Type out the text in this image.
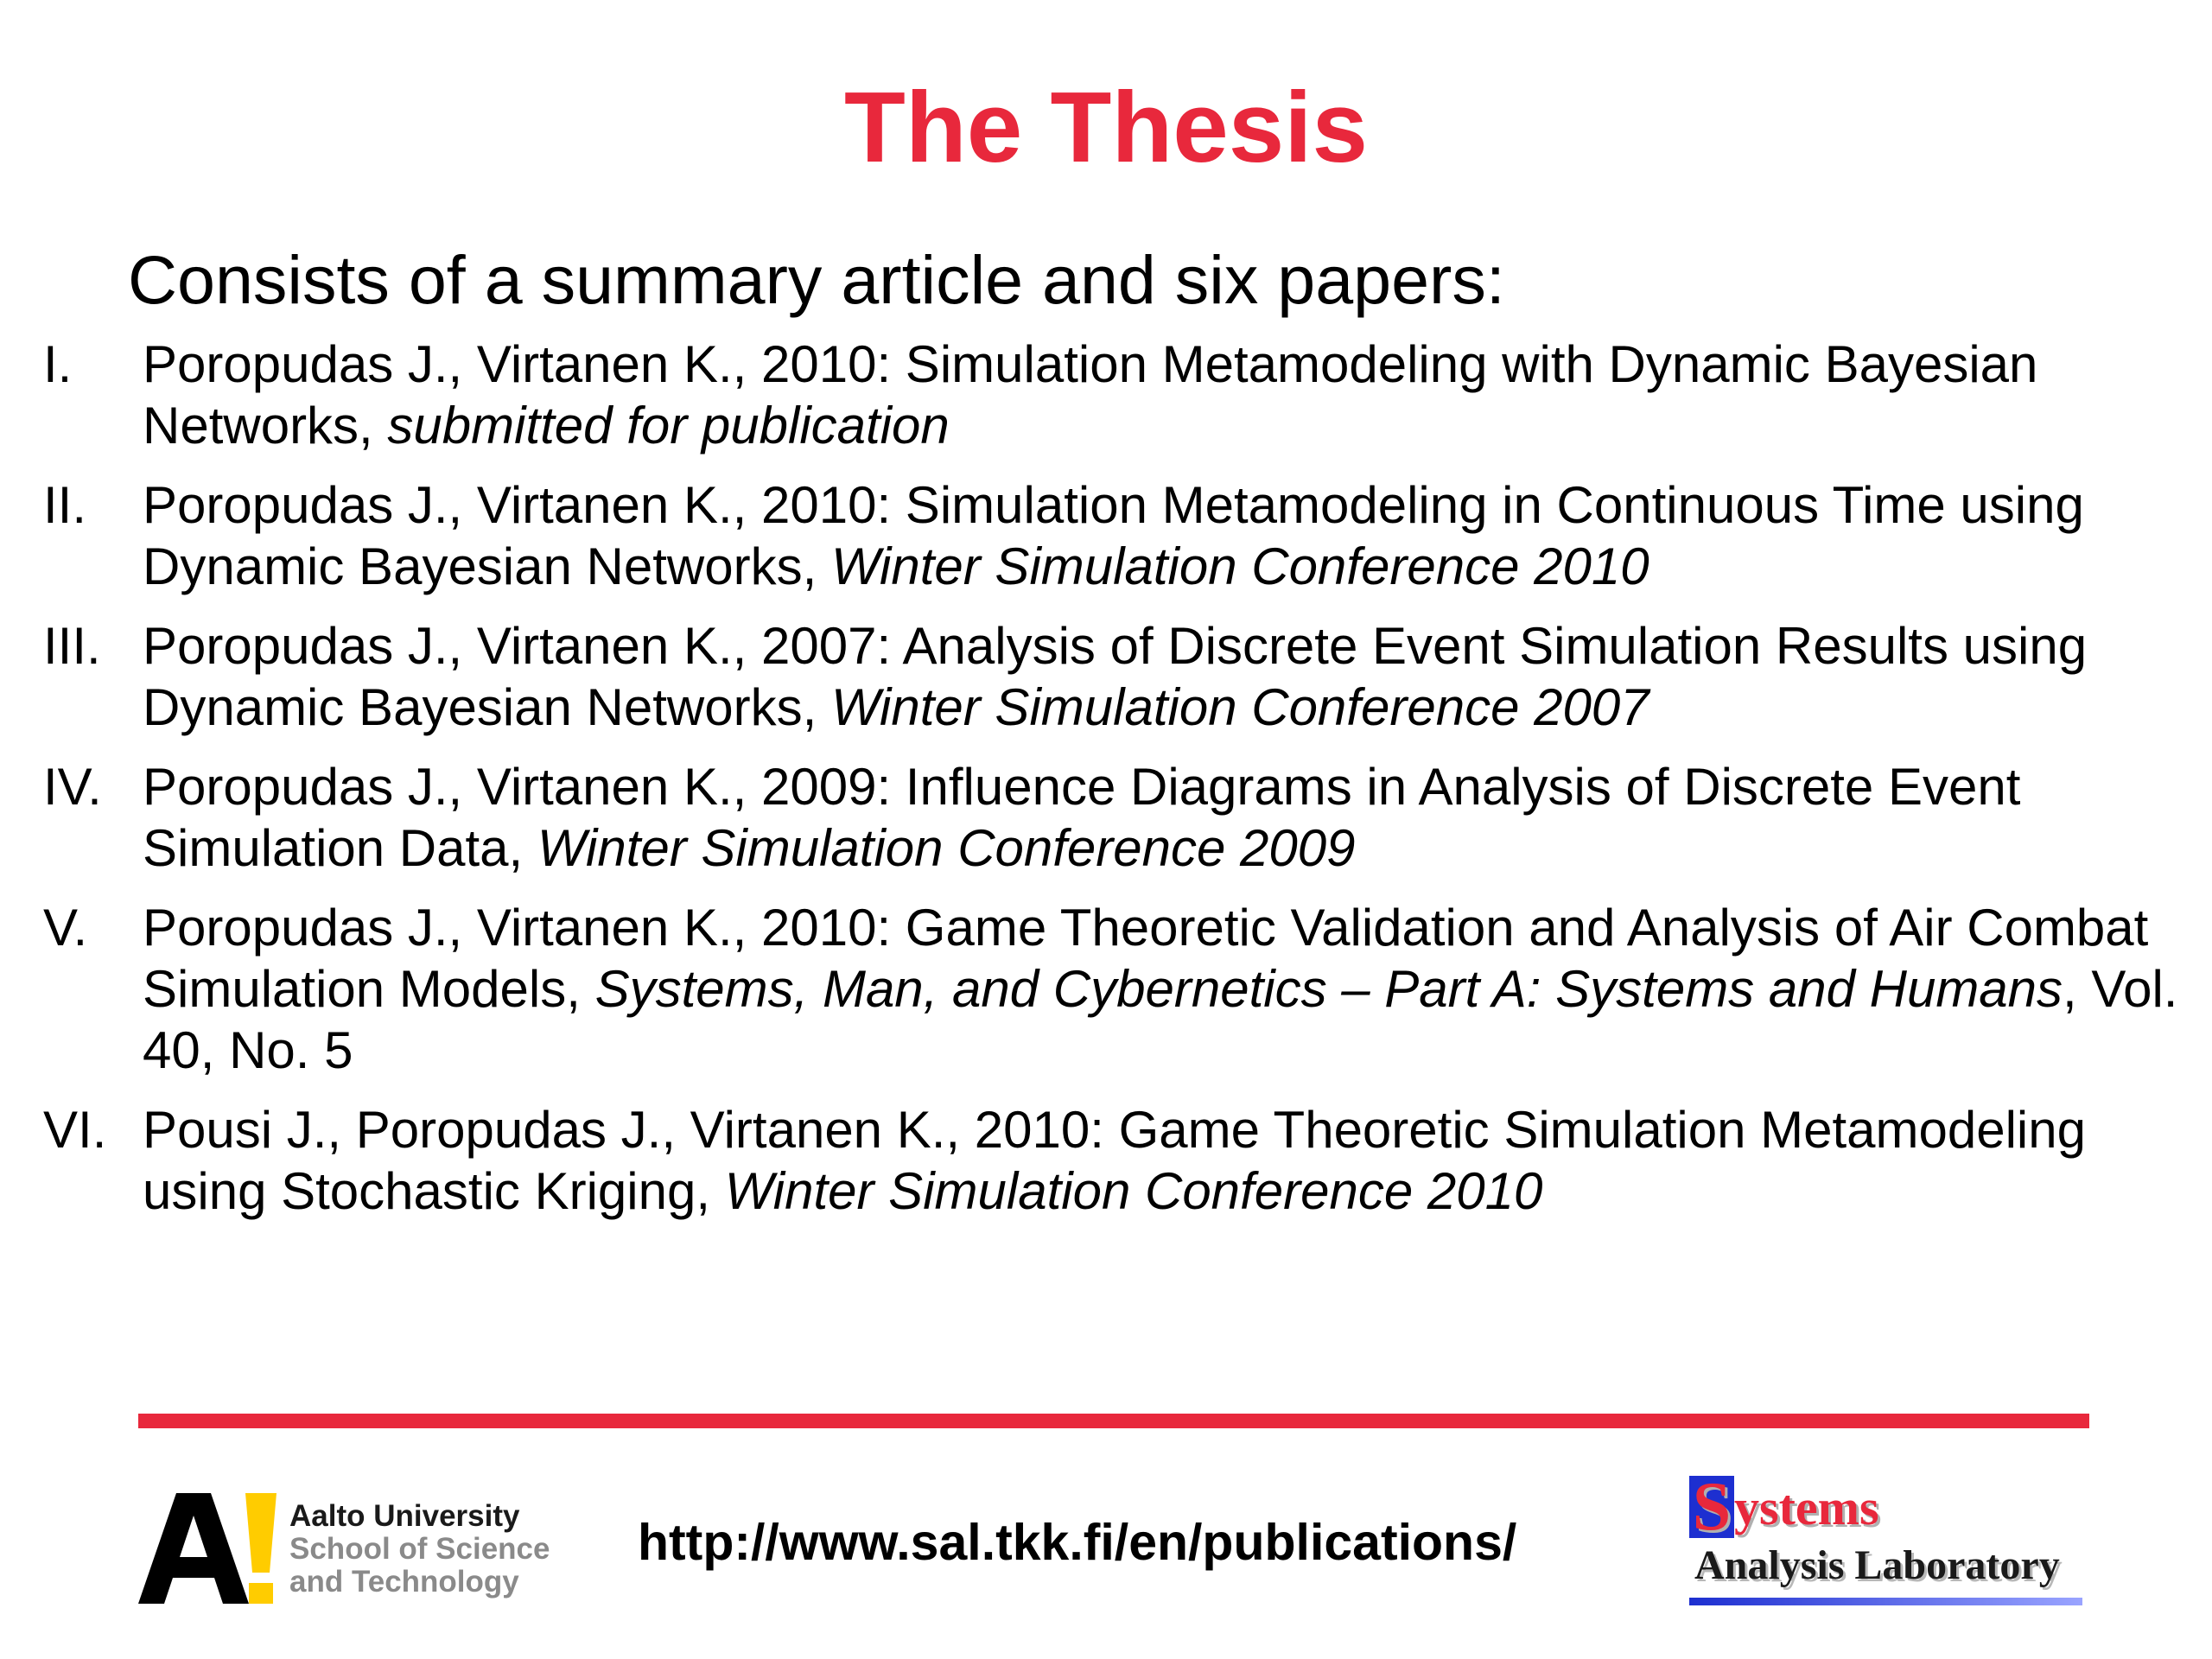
The Thesis
Consists of a summary article and six papers:
I. Poropudas J., Virtanen K., 2010: Simulation Metamodeling with Dynamic Bayesian Networks, submitted for publication
II. Poropudas J., Virtanen K., 2010: Simulation Metamodeling in Continuous Time using Dynamic Bayesian Networks, Winter Simulation Conference 2010
III. Poropudas J., Virtanen K., 2007: Analysis of Discrete Event Simulation Results using Dynamic Bayesian Networks, Winter Simulation Conference 2007
IV. Poropudas J., Virtanen K., 2009: Influence Diagrams in Analysis of Discrete Event Simulation Data, Winter Simulation Conference 2009
V. Poropudas J., Virtanen K., 2010: Game Theoretic Validation and Analysis of Air Combat Simulation Models, Systems, Man, and Cybernetics – Part A: Systems and Humans, Vol. 40, No. 5
VI. Pousi J., Poropudas J., Virtanen K., 2010: Game Theoretic Simulation Metamodeling using Stochastic Kriging, Winter Simulation Conference 2010
Aalto University
School of Science
and Technology
http://www.sal.tkk.fi/en/publications/	S ystems
Analysis Laboratory
